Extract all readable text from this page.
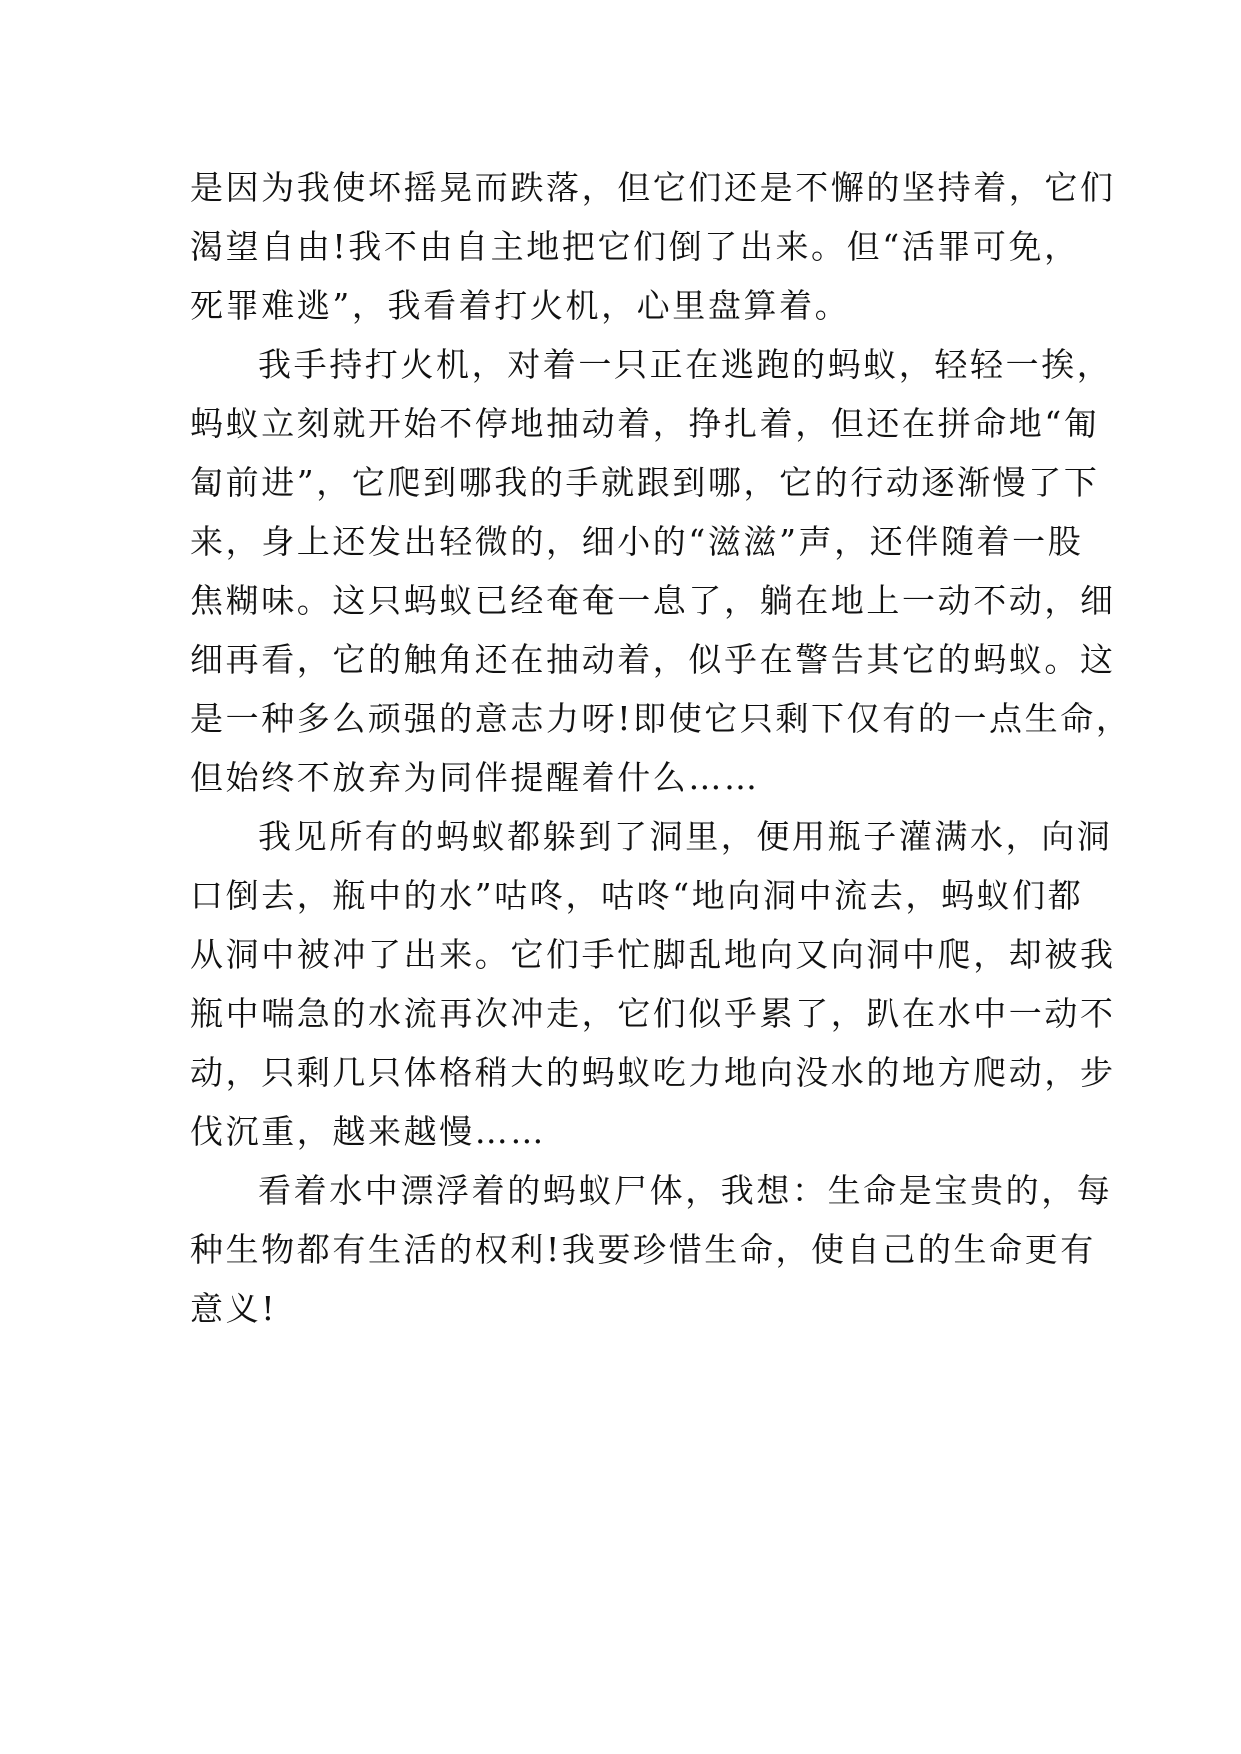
是因为我使坏摇晃而跌落，但它们还是不懈的坚持着，它们
渴望自由!我不由自主地把它们倒了出来。但“活罪可免，
死罪难逃”，我看着打火机，心里盘算着。
我手持打火机，对着一只正在逃跑的蚂蚁，轻轻一挨，
蚂蚁立刻就开始不停地抽动着，挣扎着，但还在拼命地“匍
匐前进”，它爬到哪我的手就跟到哪，它的行动逐渐慢了下
来，身上还发出轻微的，细小的“滋滋”声，还伴随着一股
焦糊味。这只蚂蚁已经奄奄一息了，躺在地上一动不动，细
细再看，它的触角还在抽动着，似乎在警告其它的蚂蚁。这
是一种多么顽强的意志力呀!即使它只剩下仅有的一点生命，
但始终不放弃为同伴提醒着什么……
我见所有的蚂蚁都躲到了洞里，便用瓶子灌满水，向洞
口倒去，瓶中的水”咕咚，咕咚“地向洞中流去，蚂蚁们都
从洞中被冲了出来。它们手忙脚乱地向又向洞中爬，却被我
瓶中喘急的水流再次冲走，它们似乎累了，趴在水中一动不
动，只剩几只体格稍大的蚂蚁吃力地向没水的地方爬动，步
伐沉重，越来越慢……
看着水中漂浮着的蚂蚁尸体，我想：生命是宝贵的，每
种生物都有生活的权利!我要珍惜生命，使自己的生命更有
意义!
